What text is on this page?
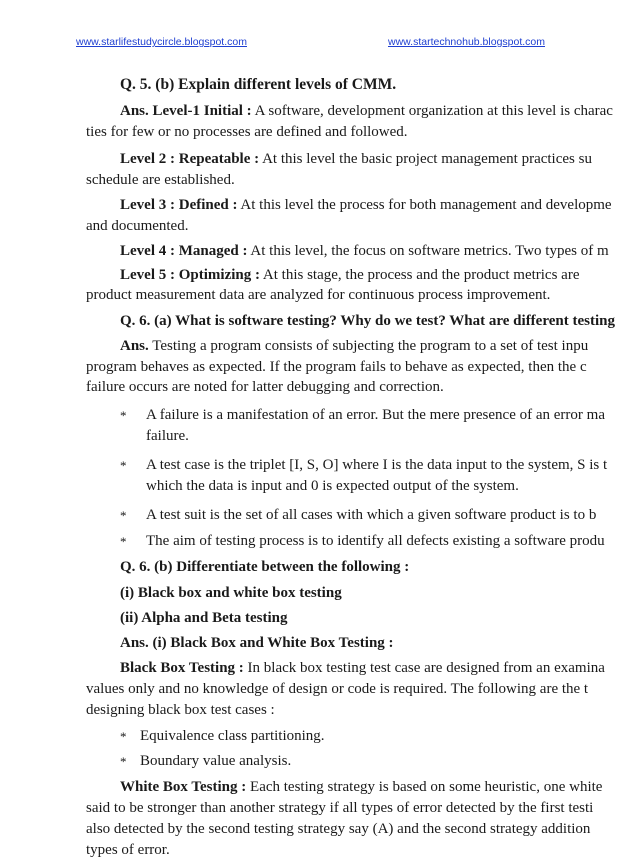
www.starlifestudycircle.blogspot.com	www.startechnohub.blogspot.com
Q. 5. (b) Explain different levels of CMM.
Ans. Level-1 Initial : A software, development organization at this level is charac
ties for few or no processes are defined and followed.
Level 2 : Repeatable : At this level the basic project management practices su
schedule are established.
Level 3 : Defined : At this level the process for both management and developme
and documented.
Level 4 : Managed : At this level, the focus on software metrics. Two types of m
Level 5 : Optimizing : At this stage, the process and the product metrics are
product measurement data are analyzed for continuous process improvement.
Q. 6. (a) What is software testing? Why do we test? What are different testing
Ans. Testing a program consists of subjecting the program to a set of test inpu
program behaves as expected. If the program fails to behave as expected, then the c
failure occurs are noted for latter debugging and correction.
* A failure is a manifestation of an error. But the mere presence of an error ma
failure.
* A test case is the triplet [I, S, O] where I is the data input to the system, S is t
which the data is input and 0 is expected output of the system.
* A test suit is the set of all cases with which a given software product is to b
* The aim of testing process is to identify all defects existing a software produ
Q. 6. (b) Differentiate between the following :
(i) Black box and white box testing
(ii) Alpha and Beta testing
Ans. (i) Black Box and White Box Testing :
Black Box Testing : In black box testing test case are designed from an examina
values only and no knowledge of design or code is required. The following are the t
designing black box test cases :
* Equivalence class partitioning.
* Boundary value analysis.
White Box Testing : Each testing strategy is based on some heuristic, one white
said to be stronger than another strategy if all types of error detected by the first testi
also detected by the second testing strategy say (A) and the second strategy addition
types of error.
